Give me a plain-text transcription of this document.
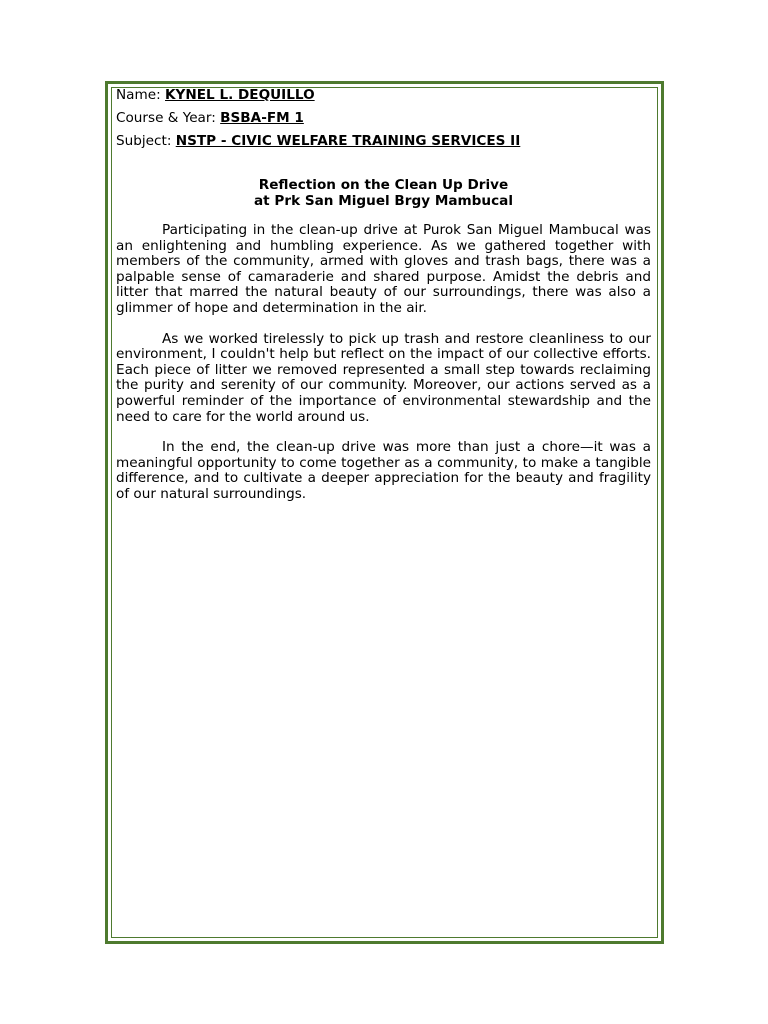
Name: KYNEL L. DEQUILLO
Course & Year: BSBA-FM 1
Subject: NSTP - CIVIC WELFARE TRAINING SERVICES II
Reflection on the Clean Up Drive
at Prk San Miguel Brgy Mambucal

Participating in the clean-up drive at Purok San Miguel Mambucal was an enlightening and humbling experience. As we gathered together with members of the community, armed with gloves and trash bags, there was a palpable sense of camaraderie and shared purpose. Amidst the debris and litter that marred the natural beauty of our surroundings, there was also a glimmer of hope and determination in the air.

As we worked tirelessly to pick up trash and restore cleanliness to our environment, I couldn't help but reflect on the impact of our collective efforts. Each piece of litter we removed represented a small step towards reclaiming the purity and serenity of our community. Moreover, our actions served as a powerful reminder of the importance of environmental stewardship and the need to care for the world around us.

In the end, the clean-up drive was more than just a chore—it was a meaningful opportunity to come together as a community, to make a tangible difference, and to cultivate a deeper appreciation for the beauty and fragility of our natural surroundings.
